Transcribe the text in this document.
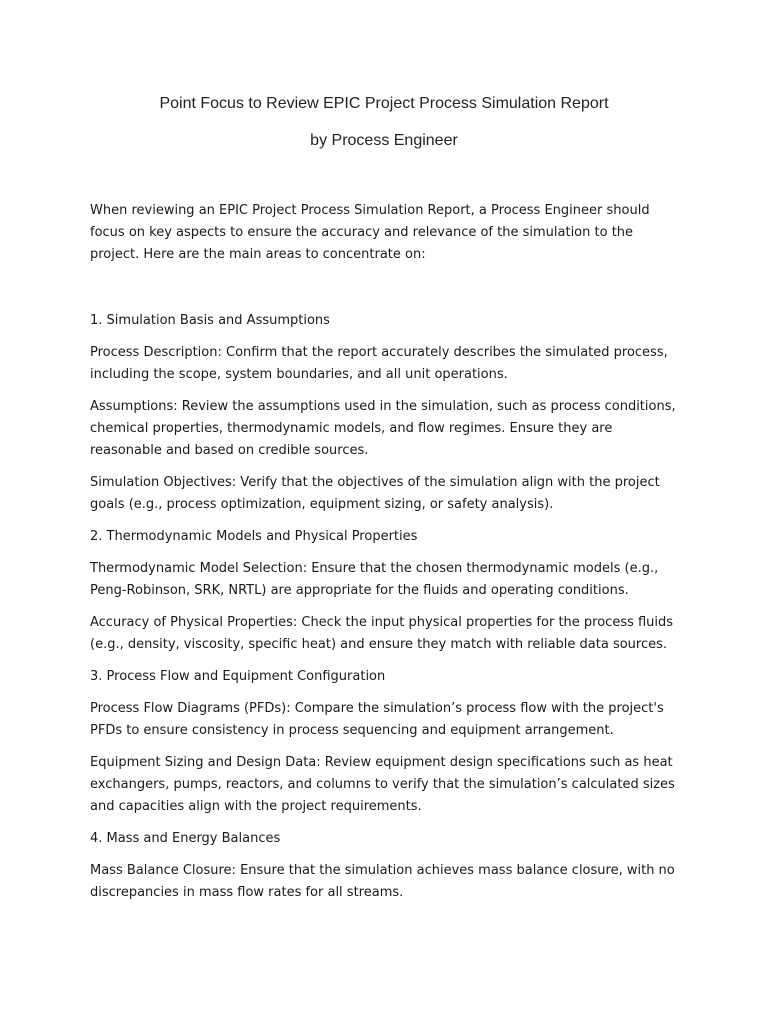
Point Focus to Review EPIC Project Process Simulation Report
by Process Engineer

When reviewing an EPIC Project Process Simulation Report, a Process Engineer should focus on key aspects to ensure the accuracy and relevance of the simulation to the project. Here are the main areas to concentrate on:

1. Simulation Basis and Assumptions

Process Description: Confirm that the report accurately describes the simulated process, including the scope, system boundaries, and all unit operations.

Assumptions: Review the assumptions used in the simulation, such as process conditions, chemical properties, thermodynamic models, and flow regimes. Ensure they are reasonable and based on credible sources.

Simulation Objectives: Verify that the objectives of the simulation align with the project goals (e.g., process optimization, equipment sizing, or safety analysis).

2. Thermodynamic Models and Physical Properties

Thermodynamic Model Selection: Ensure that the chosen thermodynamic models (e.g., Peng-Robinson, SRK, NRTL) are appropriate for the fluids and operating conditions.

Accuracy of Physical Properties: Check the input physical properties for the process fluids (e.g., density, viscosity, specific heat) and ensure they match with reliable data sources.

3. Process Flow and Equipment Configuration

Process Flow Diagrams (PFDs): Compare the simulation’s process flow with the project's PFDs to ensure consistency in process sequencing and equipment arrangement.

Equipment Sizing and Design Data: Review equipment design specifications such as heat exchangers, pumps, reactors, and columns to verify that the simulation’s calculated sizes and capacities align with the project requirements.

4. Mass and Energy Balances

Mass Balance Closure: Ensure that the simulation achieves mass balance closure, with no discrepancies in mass flow rates for all streams.
